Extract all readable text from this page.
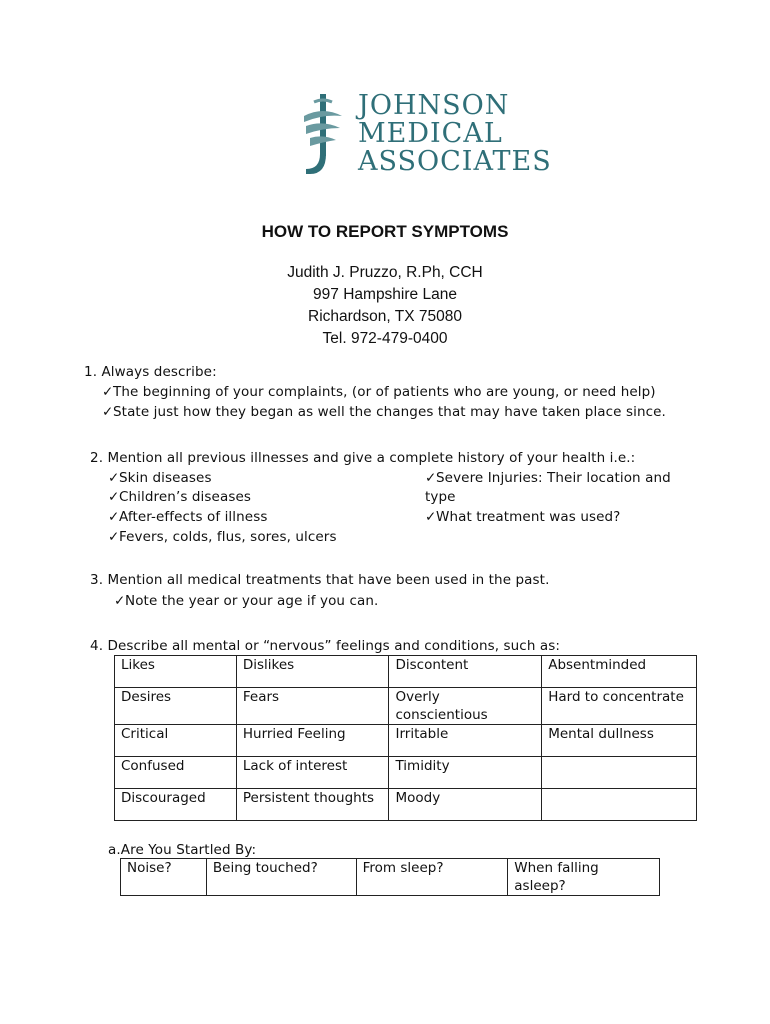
JOHNSON
MEDICAL
ASSOCIATES
HOW TO REPORT SYMPTOMS
Judith J. Pruzzo, R.Ph, CCH
997 Hampshire Lane
Richardson, TX 75080
Tel. 972-479-0400
1. Always describe:
✓The beginning of your complaints, (or of patients who are young, or need help)
✓State just how they began as well the changes that may have taken place since.
2. Mention all previous illnesses and give a complete history of your health i.e.:
✓Skin diseases
✓Children’s diseases
✓After-effects of illness
✓Fevers, colds, flus, sores, ulcers
✓Severe Injuries: Their location and
type
✓What treatment was used?
3. Mention all medical treatments that have been used in the past.
✓Note the year or your age if you can.
4. Describe all mental or “nervous” feelings and conditions, such as:
Likes	Dislikes	Discontent	Absentminded
Desires	Fears	Overly conscientious	Hard to concentrate
Critical	Hurried Feeling	Irritable	Mental dullness
Confused	Lack of interest	Timidity	
Discouraged	Persistent thoughts	Moody	
a.Are You Startled By:
Noise?	Being touched?	From sleep?	When falling asleep?
